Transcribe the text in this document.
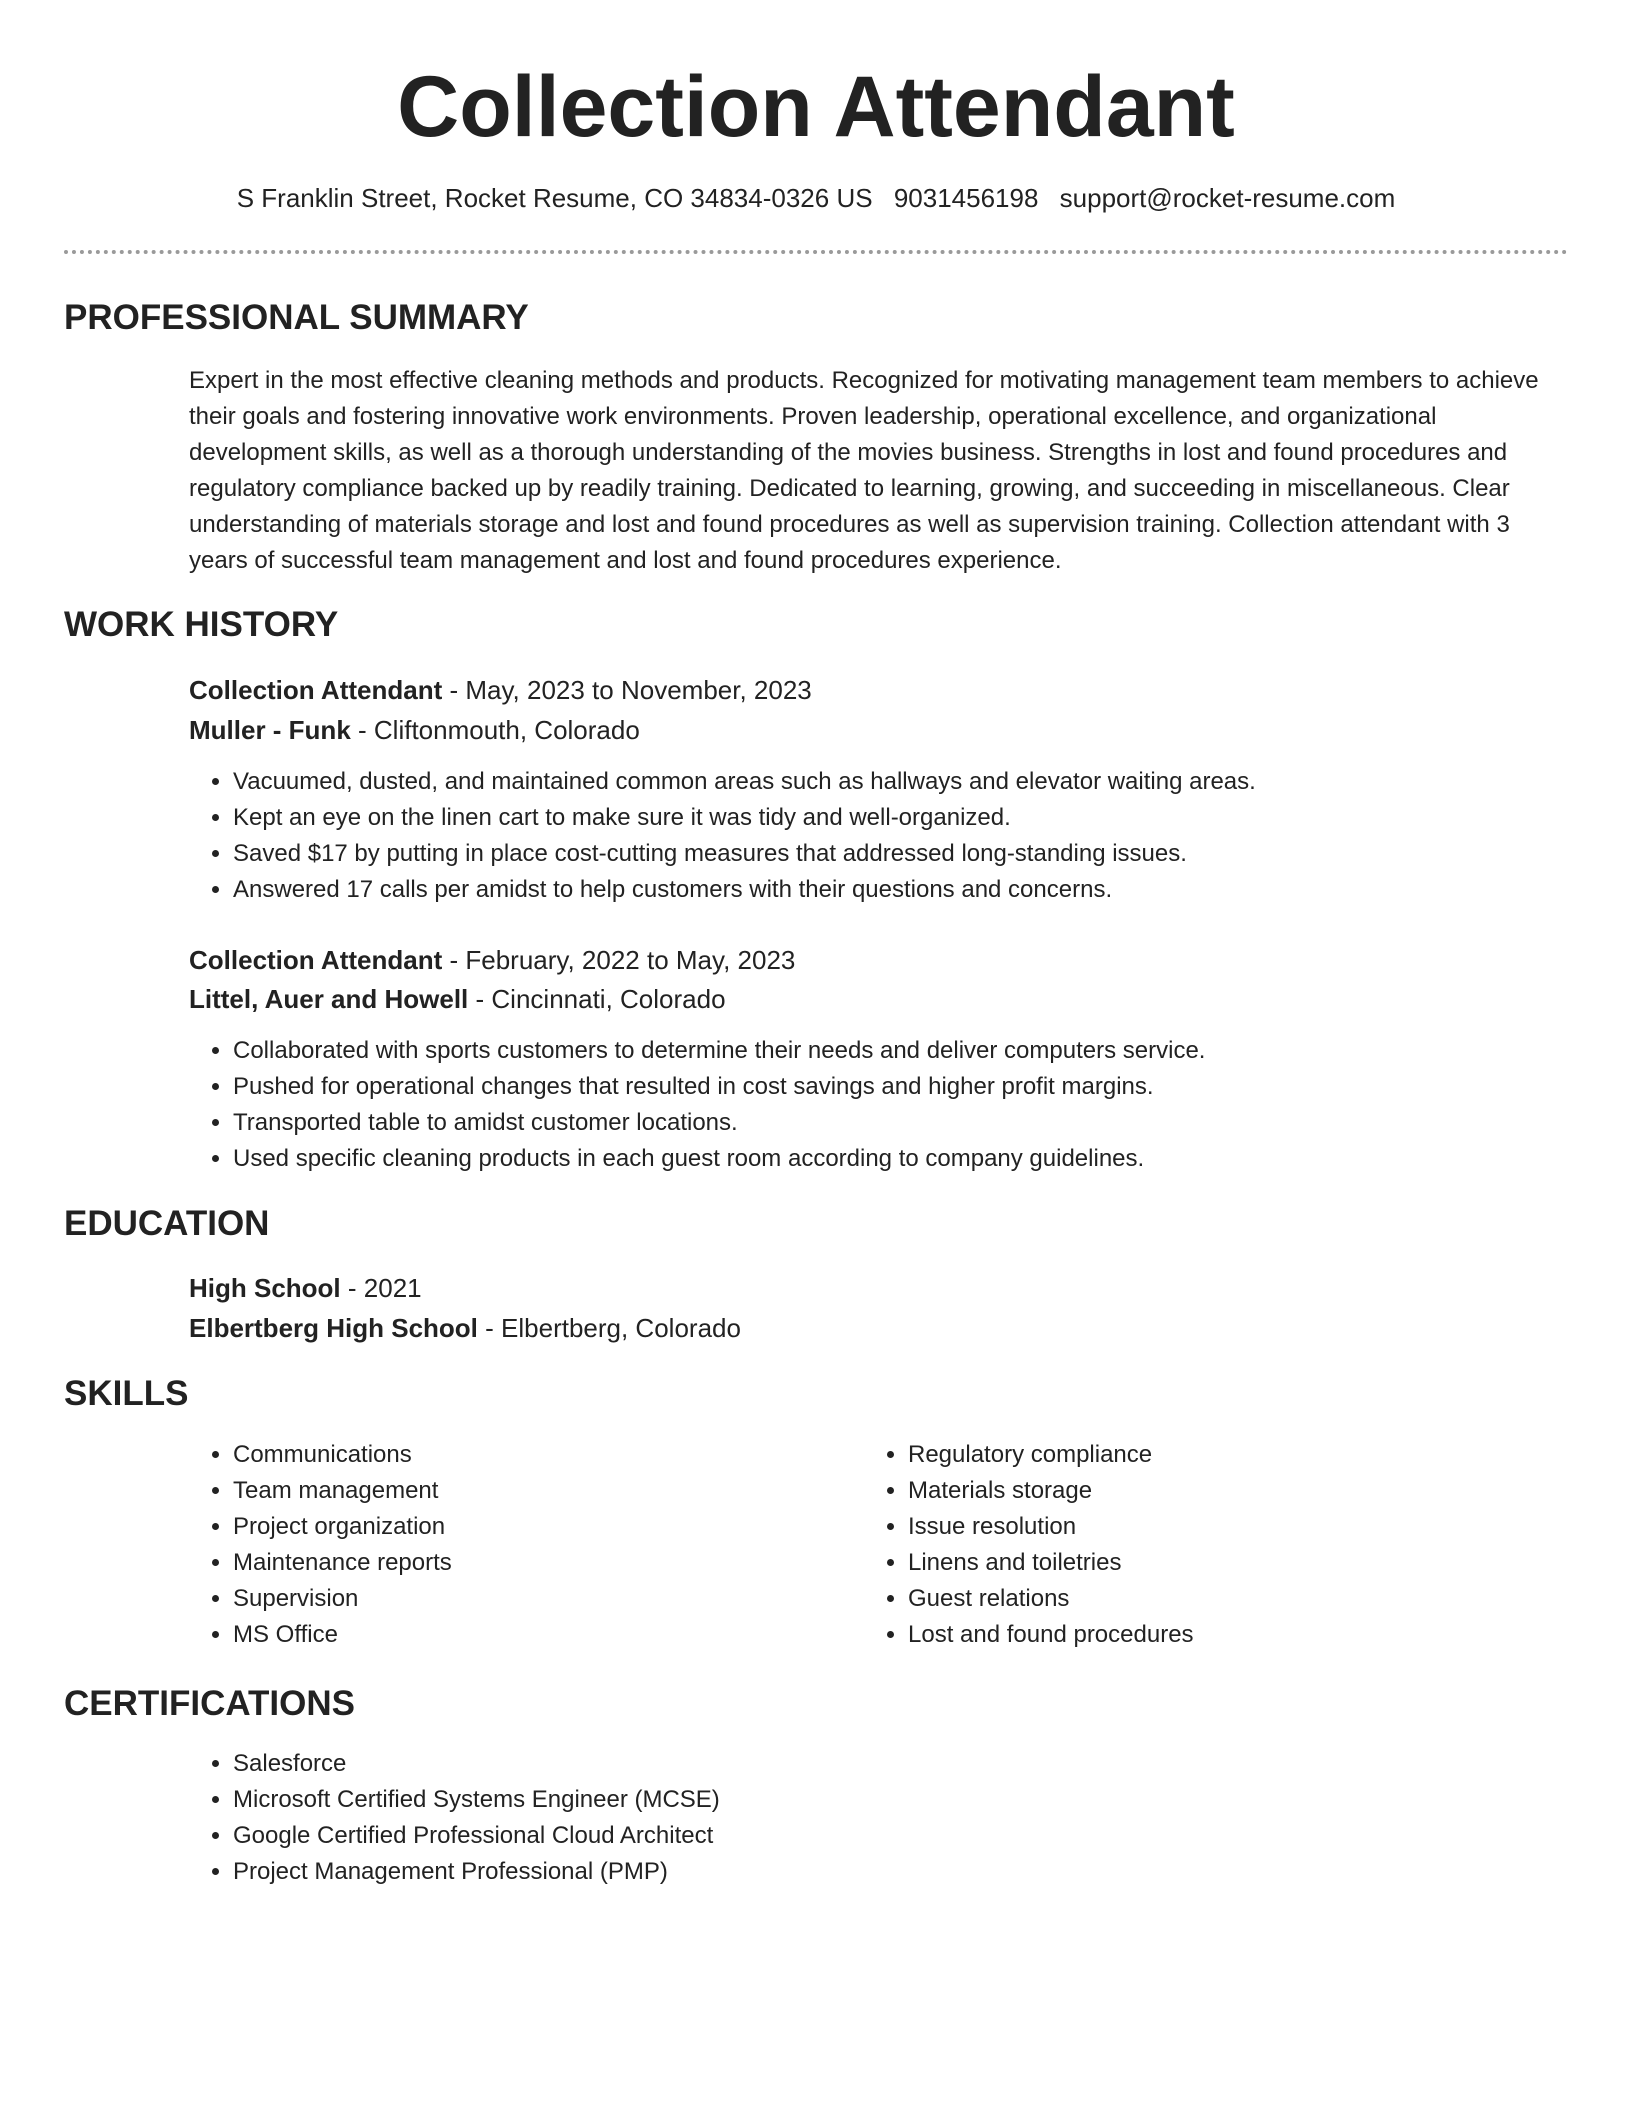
Collection Attendant
S Franklin Street, Rocket Resume, CO 34834-0326 US 9031456198 support@rocket-resume.com
PROFESSIONAL SUMMARY

Expert in the most effective cleaning methods and products. Recognized for motivating management team members to achieve their goals and fostering innovative work environments. Proven leadership, operational excellence, and organizational development skills, as well as a thorough understanding of the movies business. Strengths in lost and found procedures and regulatory compliance backed up by readily training. Dedicated to learning, growing, and succeeding in miscellaneous. Clear understanding of materials storage and lost and found procedures as well as supervision training. Collection attendant with 3 years of successful team management and lost and found procedures experience.

WORK HISTORY
Collection Attendant - May, 2023 to November, 2023
Muller - Funk - Cliftonmouth, Colorado
• Vacuumed, dusted, and maintained common areas such as hallways and elevator waiting areas.
• Kept an eye on the linen cart to make sure it was tidy and well-organized.
• Saved $17 by putting in place cost-cutting measures that addressed long-standing issues.
• Answered 17 calls per amidst to help customers with their questions and concerns.
Collection Attendant - February, 2022 to May, 2023
Littel, Auer and Howell - Cincinnati, Colorado
• Collaborated with sports customers to determine their needs and deliver computers service.
• Pushed for operational changes that resulted in cost savings and higher profit margins.
• Transported table to amidst customer locations.
• Used specific cleaning products in each guest room according to company guidelines.
EDUCATION
High School - 2021
Elbertberg High School - Elbertberg, Colorado
SKILLS
• Communications
• Team management
• Project organization
• Maintenance reports
• Supervision
• MS Office
• Regulatory compliance
• Materials storage
• Issue resolution
• Linens and toiletries
• Guest relations
• Lost and found procedures
CERTIFICATIONS
• Salesforce
• Microsoft Certified Systems Engineer (MCSE)
• Google Certified Professional Cloud Architect
• Project Management Professional (PMP)
